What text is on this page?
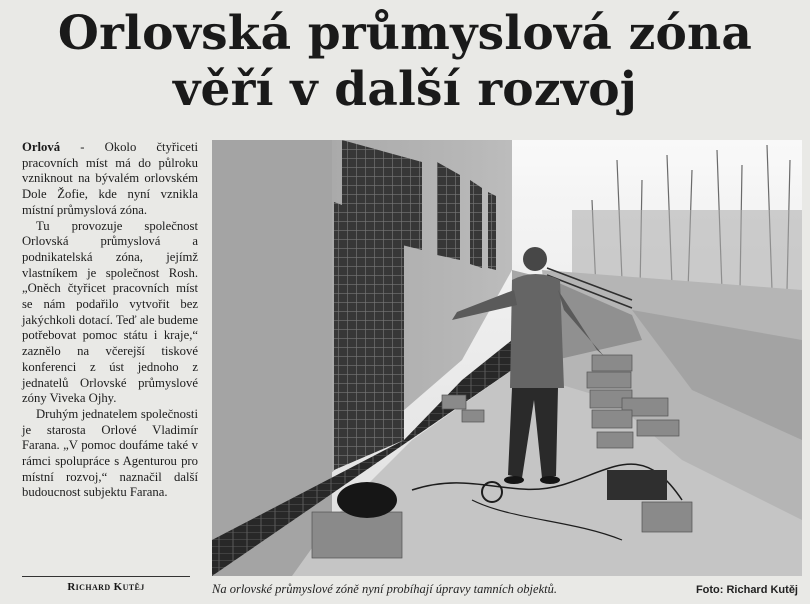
Orlovská průmyslová zóna
věří v další rozvoj

Orlová - Okolo čtyřiceti pracovních míst má do půlroku vzniknout na bývalém orlovském Dole Žofie, kde nyní vznikla místní průmyslová zóna.

Tu provozuje společnost Orlovská průmyslová a podnikatelská zóna, jejímž vlastníkem je společnost Rosh. „Oněch čtyřicet pracovních míst se nám podařilo vytvořit bez jakýchkoli dotací. Teď ale budeme potřebovat pomoc státu i kraje,“ zaznělo na včerejší tiskové konferenci z úst jednoho z jednatelů Orlovské průmyslové zóny Viveka Ojhy.

Druhým jednatelem společnosti je starosta Orlové Vladimír Farana. „V pomoc doufáme také v rámci spolupráce s Agenturou pro místní rozvoj,“ naznačil další budoucnost subjektu Farana.

Richard Kutěj	Na orlovské průmyslové zóně nyní probíhají úpravy tamních objektů.	Foto: Richard Kutěj
